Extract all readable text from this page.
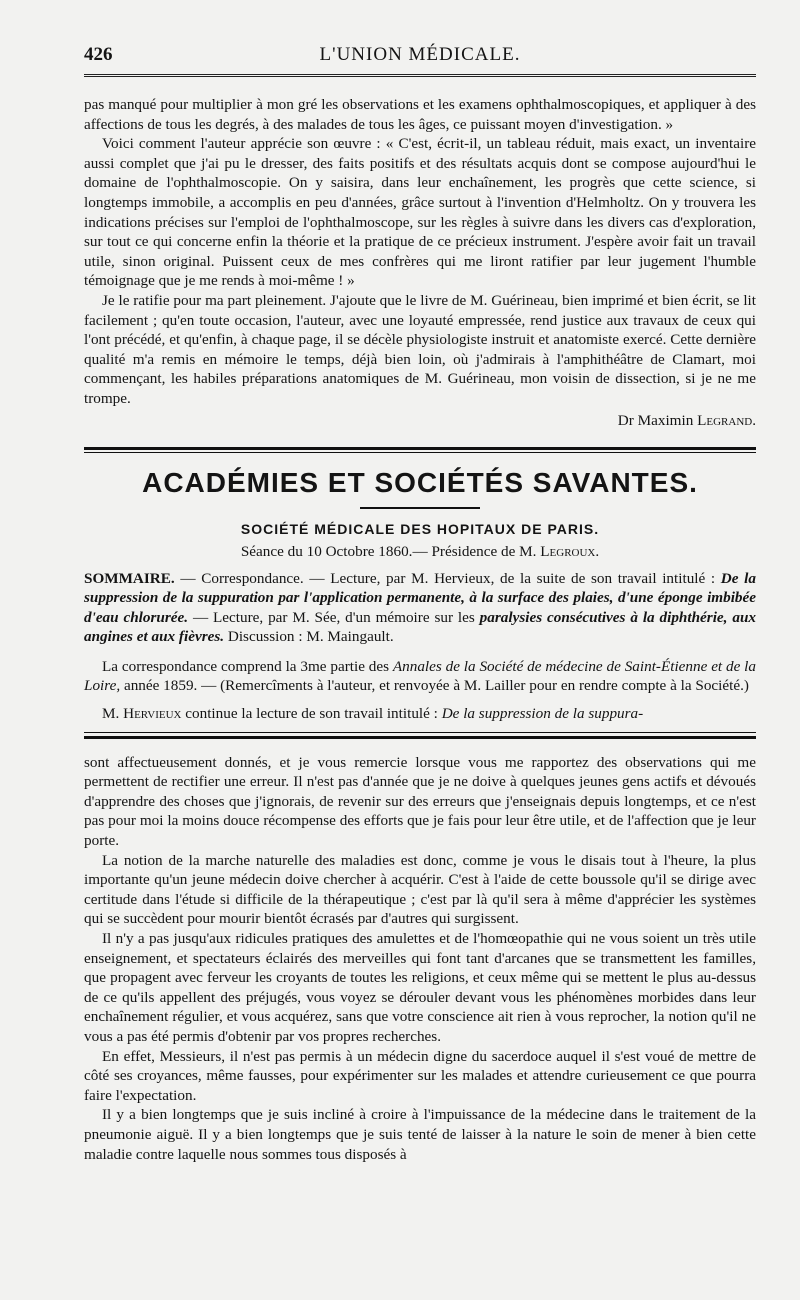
426	L'UNION MÉDICALE.

pas manqué pour multiplier à mon gré les observations et les examens ophthalmoscopiques, et appliquer à des affections de tous les degrés, à des malades de tous les âges, ce puissant moyen d'investigation. »

Voici comment l'auteur apprécie son œuvre : « C'est, écrit-il, un tableau réduit, mais exact, un inventaire aussi complet que j'ai pu le dresser, des faits positifs et des résultats acquis dont se compose aujourd'hui le domaine de l'ophthalmoscopie. On y saisira, dans leur enchaînement, les progrès que cette science, si longtemps immobile, a accomplis en peu d'années, grâce surtout à l'invention d'Helmholtz. On y trouvera les indications précises sur l'emploi de l'ophthalmoscope, sur les règles à suivre dans les divers cas d'exploration, sur tout ce qui concerne enfin la théorie et la pratique de ce précieux instrument. J'espère avoir fait un travail utile, sinon original. Puissent ceux de mes confrères qui me liront ratifier par leur jugement l'humble témoignage que je me rends à moi-même ! »

Je le ratifie pour ma part pleinement. J'ajoute que le livre de M. Guérineau, bien imprimé et bien écrit, se lit facilement ; qu'en toute occasion, l'auteur, avec une loyauté empressée, rend justice aux travaux de ceux qui l'ont précédé, et qu'enfin, à chaque page, il se décèle physiologiste instruit et anatomiste exercé. Cette dernière qualité m'a remis en mémoire le temps, déjà bien loin, où j'admirais à l'amphithéâtre de Clamart, moi commençant, les habiles préparations anatomiques de M. Guérineau, mon voisin de dissection, si je ne me trompe.

Dr Maximin Legrand.
ACADÉMIES ET SOCIÉTÉS SAVANTES.
SOCIÉTÉ MÉDICALE DES HOPITAUX DE PARIS.
Séance du 10 Octobre 1860.— Présidence de M. Legroux.
SOMMAIRE. — Correspondance. — Lecture, par M. Hervieux, de la suite de son travail intitulé : De la suppression de la suppuration par l'application permanente, à la surface des plaies, d'une éponge imbibée d'eau chlorurée. — Lecture, par M. Sée, d'un mémoire sur les paralysies consécutives à la diphthérie, aux angines et aux fièvres. Discussion : M. Maingault.

La correspondance comprend la 3me partie des Annales de la Société de médecine de Saint-Étienne et de la Loire, année 1859. — (Remercîments à l'auteur, et renvoyée à M. Lailler pour en rendre compte à la Société.)

M. Hervieux continue la lecture de son travail intitulé : De la suppression de la suppura-

sont affectueusement donnés, et je vous remercie lorsque vous me rapportez des observations qui me permettent de rectifier une erreur. Il n'est pas d'année que je ne doive à quelques jeunes gens actifs et dévoués d'apprendre des choses que j'ignorais, de revenir sur des erreurs que j'enseignais depuis longtemps, et ce n'est pas pour moi la moins douce récompense des efforts que je fais pour leur être utile, et de l'affection que je leur porte.

La notion de la marche naturelle des maladies est donc, comme je vous le disais tout à l'heure, la plus importante qu'un jeune médecin doive chercher à acquérir. C'est à l'aide de cette boussole qu'il se dirige avec certitude dans l'étude si difficile de la thérapeutique ; c'est par là qu'il sera à même d'apprécier les systèmes qui se succèdent pour mourir bientôt écrasés par d'autres qui surgissent.

Il n'y a pas jusqu'aux ridicules pratiques des amulettes et de l'homœopathie qui ne vous soient un très utile enseignement, et spectateurs éclairés des merveilles qui font tant d'arcanes que se transmettent les familles, que propagent avec ferveur les croyants de toutes les religions, et ceux même qui se mettent le plus au-dessus de ce qu'ils appellent des préjugés, vous voyez se dérouler devant vous les phénomènes morbides dans leur enchaînement régulier, et vous acquérez, sans que votre conscience ait rien à vous reprocher, la notion qu'il ne vous a pas été permis d'obtenir par vos propres recherches.

En effet, Messieurs, il n'est pas permis à un médecin digne du sacerdoce auquel il s'est voué de mettre de côté ses croyances, même fausses, pour expérimenter sur les malades et attendre curieusement ce que pourra faire l'expectation.

Il y a bien longtemps que je suis incliné à croire à l'impuissance de la médecine dans le traitement de la pneumonie aiguë. Il y a bien longtemps que je suis tenté de laisser à la nature le soin de mener à bien cette maladie contre laquelle nous sommes tous disposés à
